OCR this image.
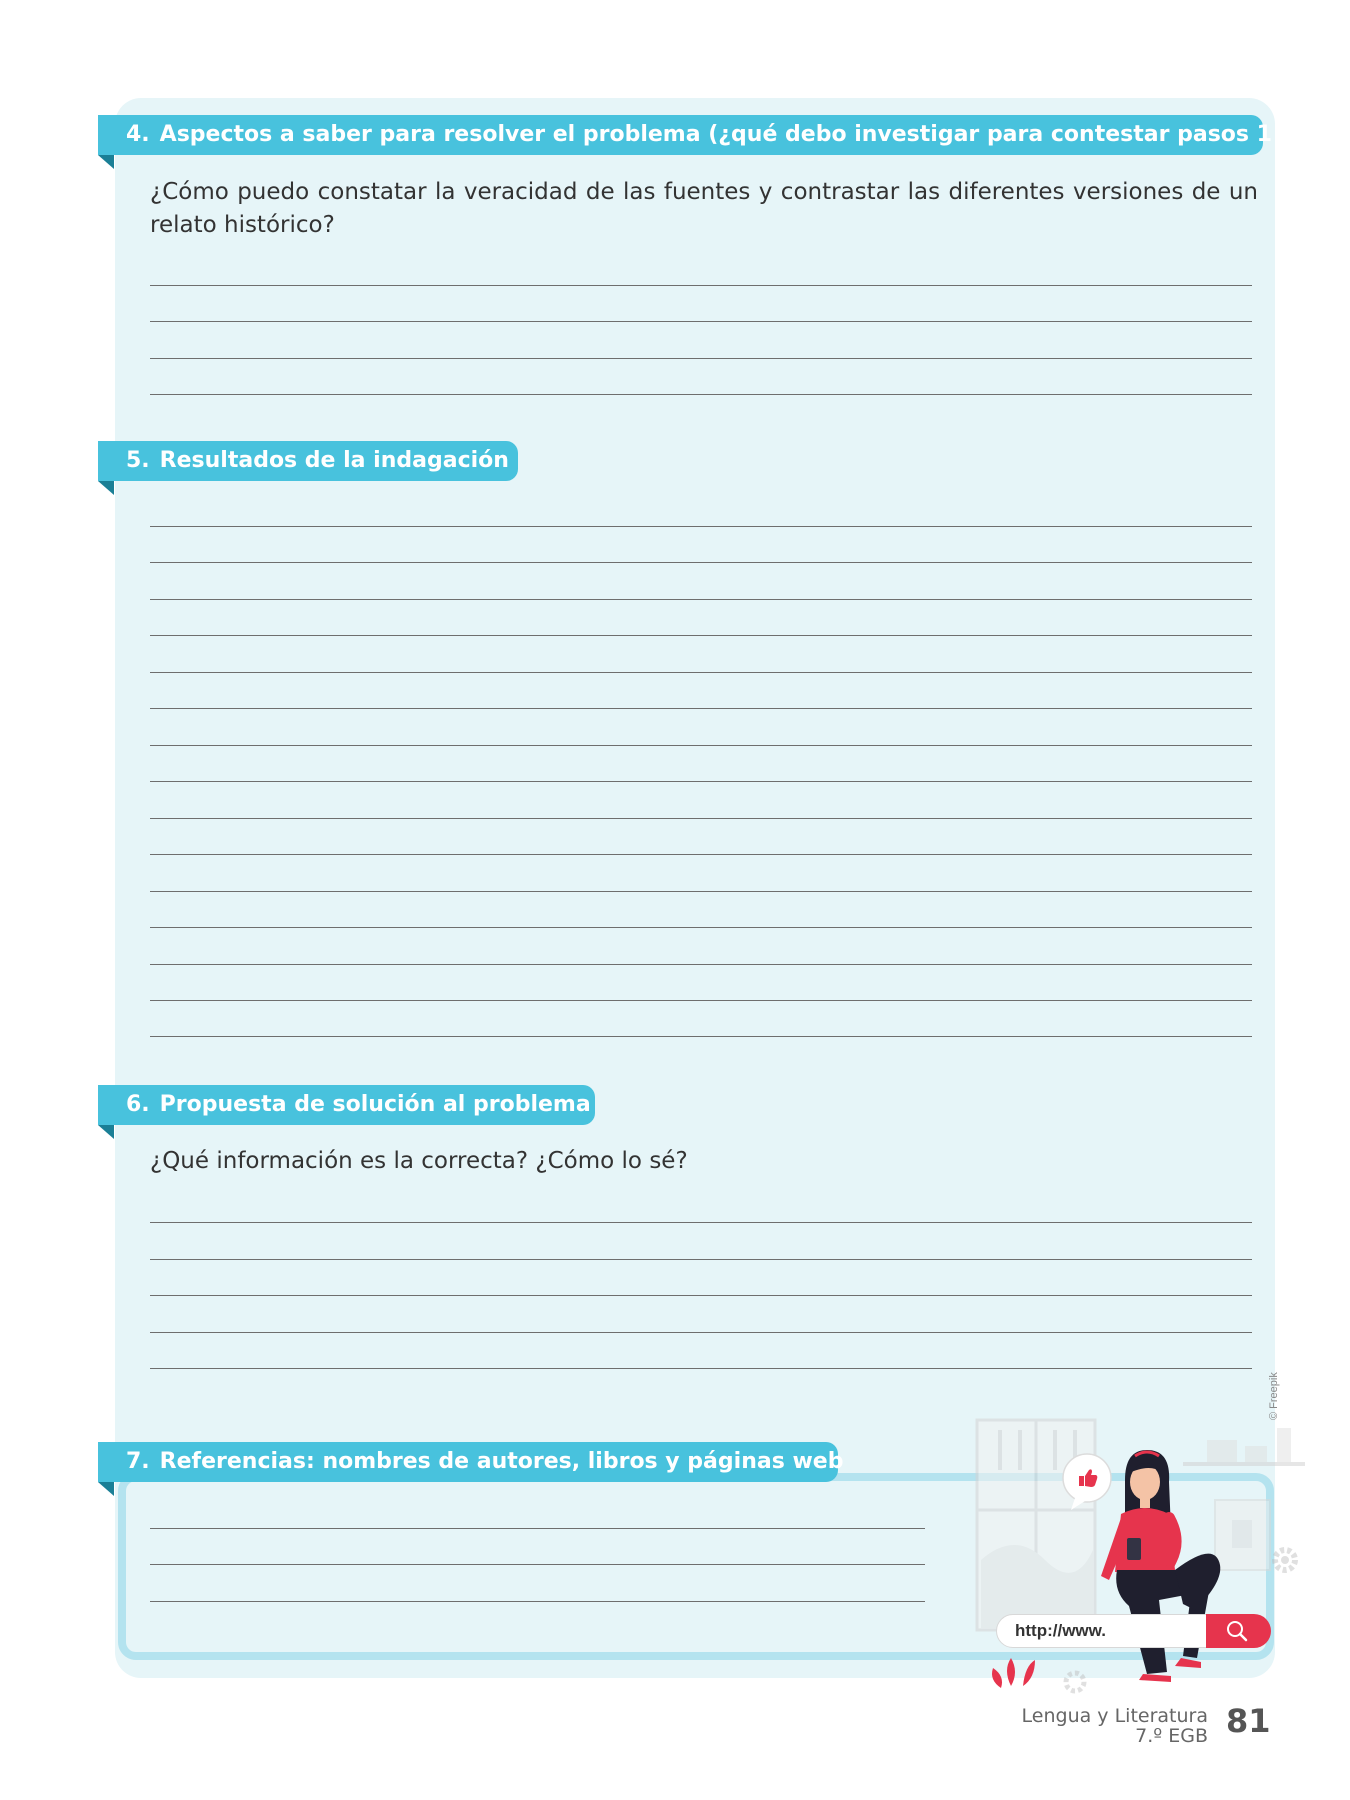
4. Aspectos a saber para resolver el problema (¿qué debo investigar para contestar pasos 1 y 2?)
¿Cómo puedo constatar la veracidad de las fuentes y contrastar las diferentes versiones de un relato histórico?
5. Resultados de la indagación
6. Propuesta de solución al problema
¿Qué información es la correcta? ¿Cómo lo sé?
7. Referencias: nombres de autores, libros y páginas web
http://www.
© Freepik
Lengua y Literatura
7.º EGB 81
